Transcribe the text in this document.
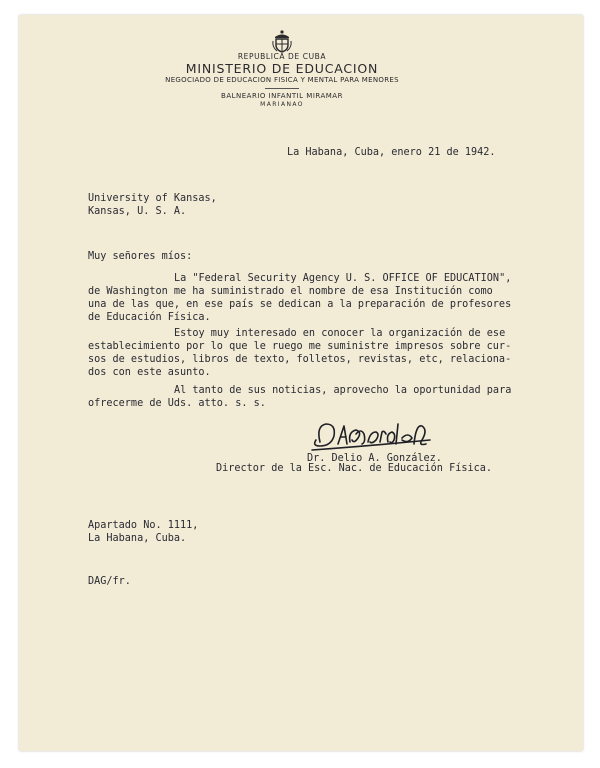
REPUBLICA DE CUBA
MINISTERIO DE EDUCACION
NEGOCIADO DE EDUCACION FISICA Y MENTAL PARA MENORES
BALNEARIO INFANTIL MIRAMAR
MARIANAO
La Habana, Cuba, enero 21 de 1942.
University of Kansas,
Kansas, U. S. A.
Muy señores míos:
La "Federal Security Agency U. S. OFFICE OF EDUCATION",
de Washington me ha suministrado el nombre de esa Institución como
una de las que, en ese país se dedican a la preparación de profesores
de Educación Física.
Estoy muy interesado en conocer la organización de ese
establecimiento por lo que le ruego me suministre impresos sobre cur-
sos de estudios, libros de texto, folletos, revistas, etc, relaciona-
dos con este asunto.
Al tanto de sus noticias, aprovecho la oportunidad para
ofrecerme de Uds. atto. s. s.
Dr. Delio A. González.
Director de la Esc. Nac. de Educación Física.
Apartado No. 1111,
La Habana, Cuba.
DAG/fr.
